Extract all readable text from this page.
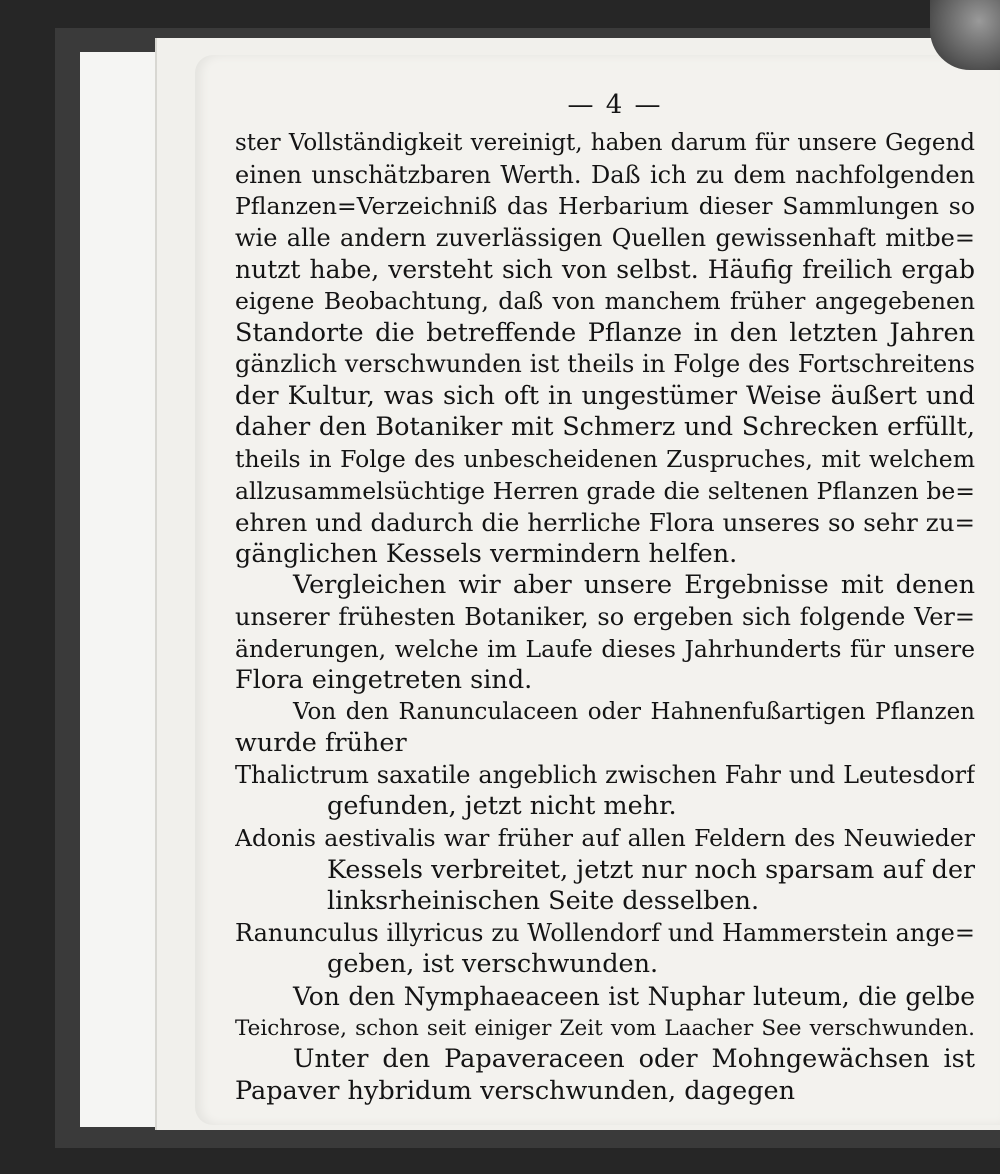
— 4 —
ster Vollständigkeit vereinigt, haben darum für unsere Gegend
einen unschätzbaren Werth. Daß ich zu dem nachfolgenden
Pflanzen=Verzeichniß das Herbarium dieser Sammlungen so
wie alle andern zuverlässigen Quellen gewissenhaft mitbe=
nutzt habe, versteht sich von selbst. Häufig freilich ergab
eigene Beobachtung, daß von manchem früher angegebenen
Standorte die betreffende Pflanze in den letzten Jahren
gänzlich verschwunden ist theils in Folge des Fortschreitens
der Kultur, was sich oft in ungestümer Weise äußert und
daher den Botaniker mit Schmerz und Schrecken erfüllt,
theils in Folge des unbescheidenen Zuspruches, mit welchem
allzusammelsüchtige Herren grade die seltenen Pflanzen be=
ehren und dadurch die herrliche Flora unseres so sehr zu=
gänglichen Kessels vermindern helfen.
Vergleichen wir aber unsere Ergebnisse mit denen
unserer frühesten Botaniker, so ergeben sich folgende Ver=
änderungen, welche im Laufe dieses Jahrhunderts für unsere
Flora eingetreten sind.
Von den Ranunculaceen oder Hahnenfußartigen Pflanzen
wurde früher
Thalictrum saxatile angeblich zwischen Fahr und Leutesdorf
gefunden, jetzt nicht mehr.
Adonis aestivalis war früher auf allen Feldern des Neuwieder
Kessels verbreitet, jetzt nur noch sparsam auf der
linksrheinischen Seite desselben.
Ranunculus illyricus zu Wollendorf und Hammerstein ange=
geben, ist verschwunden.
Von den Nymphaeaceen ist Nuphar luteum, die gelbe
Teichrose, schon seit einiger Zeit vom Laacher See verschwunden.
Unter den Papaveraceen oder Mohngewächsen ist
Papaver hybridum verschwunden, dagegen
